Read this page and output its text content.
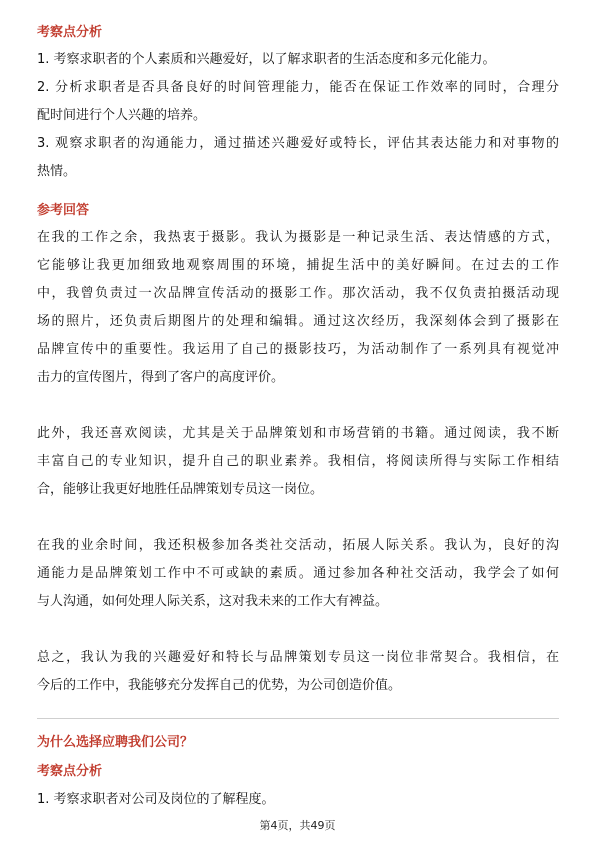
考察点分析
1. 考察求职者的个人素质和兴趣爱好，以了解求职者的生活态度和多元化能力。
2. 分析求职者是否具备良好的时间管理能力，能否在保证工作效率的同时，合理分
配时间进行个人兴趣的培养。
3. 观察求职者的沟通能力，通过描述兴趣爱好或特长，评估其表达能力和对事物的
热情。
参考回答
在我的工作之余，我热衷于摄影。我认为摄影是一种记录生活、表达情感的方式，
它能够让我更加细致地观察周围的环境，捕捉生活中的美好瞬间。在过去的工作
中，我曾负责过一次品牌宣传活动的摄影工作。那次活动，我不仅负责拍摄活动现
场的照片，还负责后期图片的处理和编辑。通过这次经历，我深刻体会到了摄影在
品牌宣传中的重要性。我运用了自己的摄影技巧，为活动制作了一系列具有视觉冲
击力的宣传图片，得到了客户的高度评价。
此外，我还喜欢阅读，尤其是关于品牌策划和市场营销的书籍。通过阅读，我不断
丰富自己的专业知识，提升自己的职业素养。我相信，将阅读所得与实际工作相结
合，能够让我更好地胜任品牌策划专员这一岗位。
在我的业余时间，我还积极参加各类社交活动，拓展人际关系。我认为，良好的沟
通能力是品牌策划工作中不可或缺的素质。通过参加各种社交活动，我学会了如何
与人沟通，如何处理人际关系，这对我未来的工作大有裨益。
总之，我认为我的兴趣爱好和特长与品牌策划专员这一岗位非常契合。我相信，在
今后的工作中，我能够充分发挥自己的优势，为公司创造价值。
为什么选择应聘我们公司？
考察点分析
1. 考察求职者对公司及岗位的了解程度。
第4页，共49页
